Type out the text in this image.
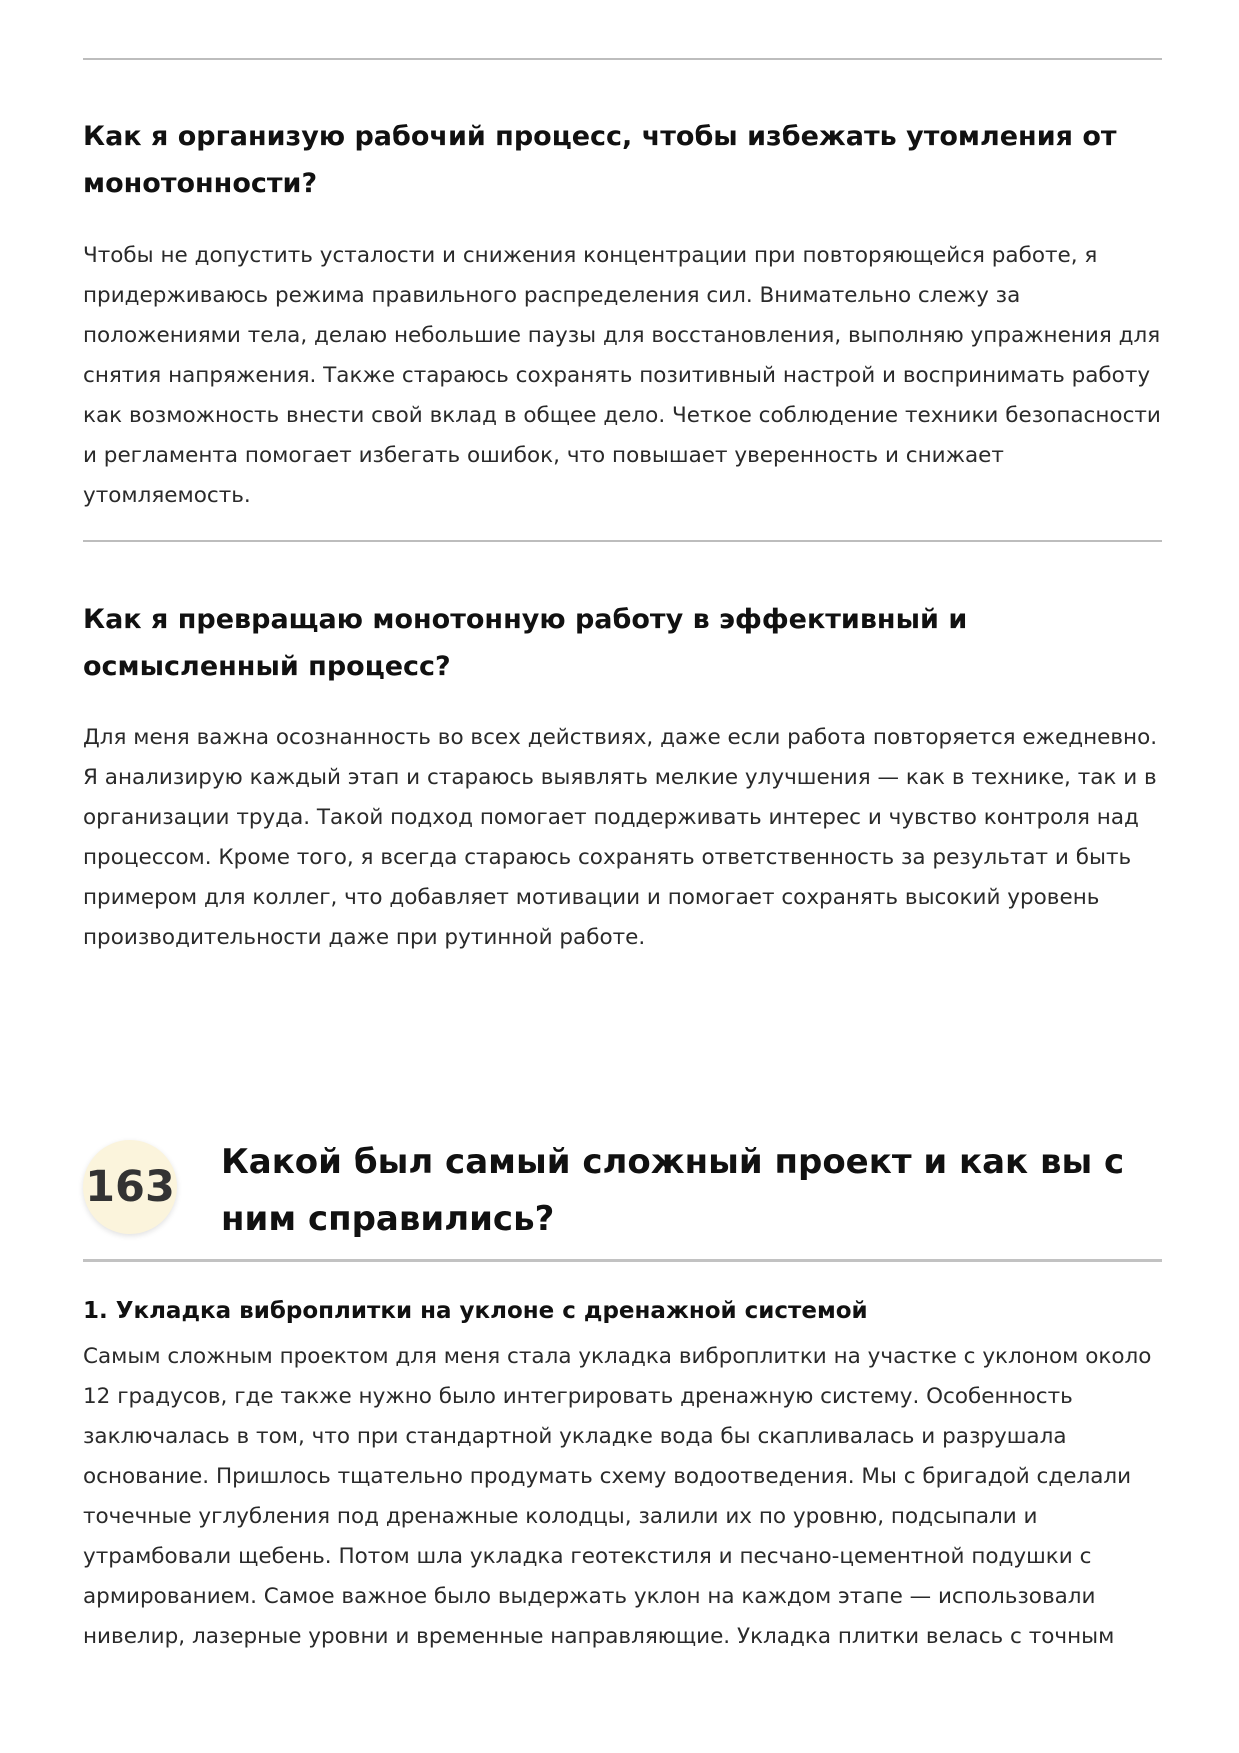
Как я организую рабочий процесс, чтобы избежать утомления от монотонности?

Чтобы не допустить усталости и снижения концентрации при повторяющейся работе, я придерживаюсь режима правильного распределения сил. Внимательно слежу за положениями тела, делаю небольшие паузы для восстановления, выполняю упражнения для снятия напряжения. Также стараюсь сохранять позитивный настрой и воспринимать работу как возможность внести свой вклад в общее дело. Четкое соблюдение техники безопасности и регламента помогает избегать ошибок, что повышает уверенность и снижает утомляемость.

Как я превращаю монотонную работу в эффективный и осмысленный процесс?

Для меня важна осознанность во всех действиях, даже если работа повторяется ежедневно. Я анализирую каждый этап и стараюсь выявлять мелкие улучшения — как в технике, так и в организации труда. Такой подход помогает поддерживать интерес и чувство контроля над процессом. Кроме того, я всегда стараюсь сохранять ответственность за результат и быть примером для коллег, что добавляет мотивации и помогает сохранять высокий уровень производительности даже при рутинной работе.

163 Какой был самый сложный проект и как вы с ним справились?
1. Укладка виброплитки на уклоне с дренажной системой

Самым сложным проектом для меня стала укладка виброплитки на участке с уклоном около 12 градусов, где также нужно было интегрировать дренажную систему. Особенность заключалась в том, что при стандартной укладке вода бы скапливалась и разрушала основание. Пришлось тщательно продумать схему водоотведения. Мы с бригадой сделали точечные углубления под дренажные колодцы, залили их по уровню, подсыпали и утрамбовали щебень. Потом шла укладка геотекстиля и песчано-цементной подушки с армированием. Самое важное было выдержать уклон на каждом этапе — использовали нивелир, лазерные уровни и временные направляющие. Укладка плитки велась с точным
